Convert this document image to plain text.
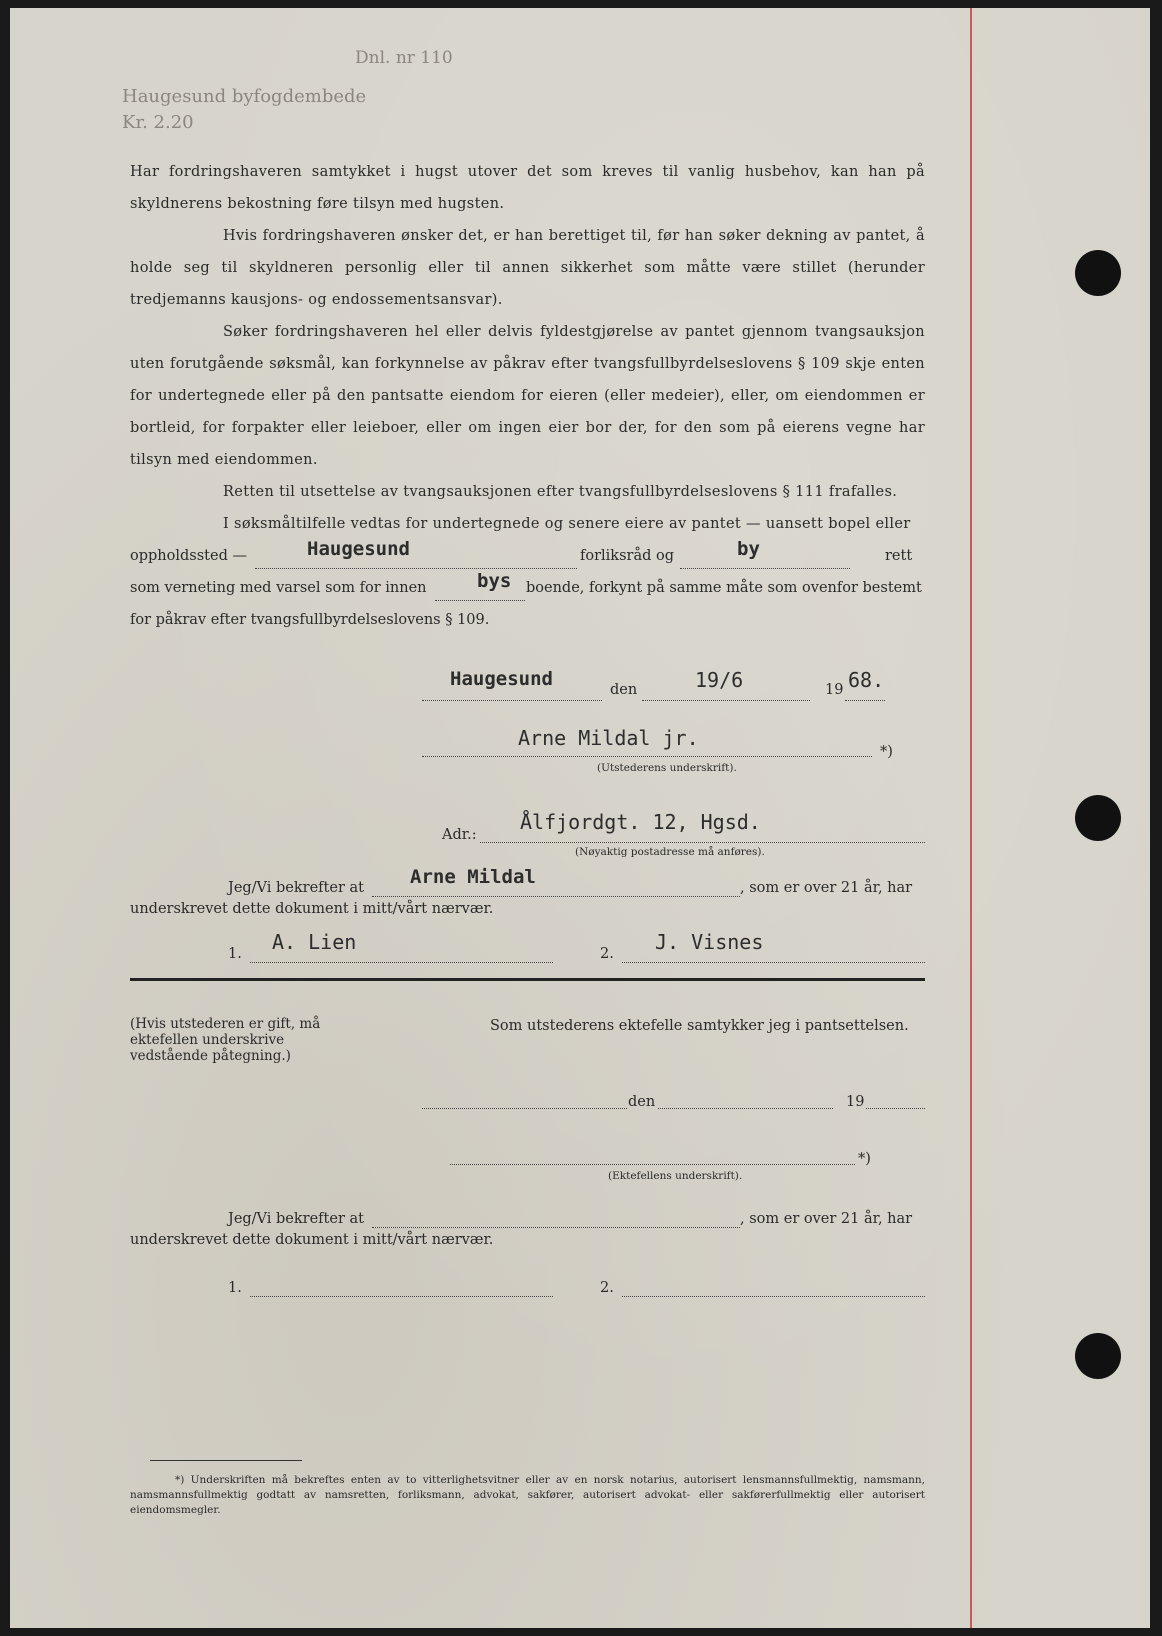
Dnl. nr 110
Haugesund byfogdembede
Kr. 2.20
Har fordringshaveren samtykket i hugst utover det som kreves til vanlig husbehov, kan han på skyldnerens bekostning føre tilsyn med hugsten.
Hvis fordringshaveren ønsker det, er han berettiget til, før han søker dekning av pantet, å holde seg til skyldneren personlig eller til annen sikkerhet som måtte være stillet (herunder tredjemanns kausjons- og endossementsansvar).
Søker fordringshaveren hel eller delvis fyldestgjørelse av pantet gjennom tvangsauksjon uten forutgående søksmål, kan forkynnelse av påkrav efter tvangsfullbyrdelseslovens § 109 skje enten for undertegnede eller på den pantsatte eiendom for eieren (eller medeier), eller, om eiendommen er bortleid, for forpakter eller leieboer, eller om ingen eier bor der, for den som på eierens vegne har tilsyn med eiendommen.
Retten til utsettelse av tvangsauksjonen efter tvangsfullbyrdelseslovens § 111 frafalles.
I søksmåltilfelle vedtas for undertegnede og senere eiere av pantet — uansett bopel eller
oppholdssted —	Haugesund	forliksråd og	by	rett
som verneting med varsel som for innen	bys boende, forkynt på samme måte som ovenfor bestemt
for påkrav efter tvangsfullbyrdelseslovens § 109.
Haugesund	den	19/6	19 68.
Arne Mildal jr.
*)
(Utstederens underskrift).
Adr.:
Ålfjordgt. 12, Hgsd.
(Nøyaktig postadresse må anføres).
Jeg/Vi bekrefter at Arne Mildal	, som er over 21 år, har
underskrevet dette dokument i mitt/vårt nærvær.
1. A. Lien	2. J. Visnes
(Hvis utstederen er gift, må ektefellen underskrive vedstående påtegning.)
Som utstederens ektefelle samtykker jeg i pantsettelsen.
den	19
*)
(Ektefellens underskrift).
Jeg/Vi bekrefter at	, som er over 21 år, har
underskrevet dette dokument i mitt/vårt nærvær.
1.	2.
*) Underskriften må bekreftes enten av to vitterlighetsvitner eller av en norsk notarius, autorisert lensmannsfullmektig, namsmann, namsmannsfullmektig godtatt av namsretten, forliksmann, advokat, sakfører, autorisert advokat- eller sakførerfullmektig eller autorisert eiendomsmegler.
